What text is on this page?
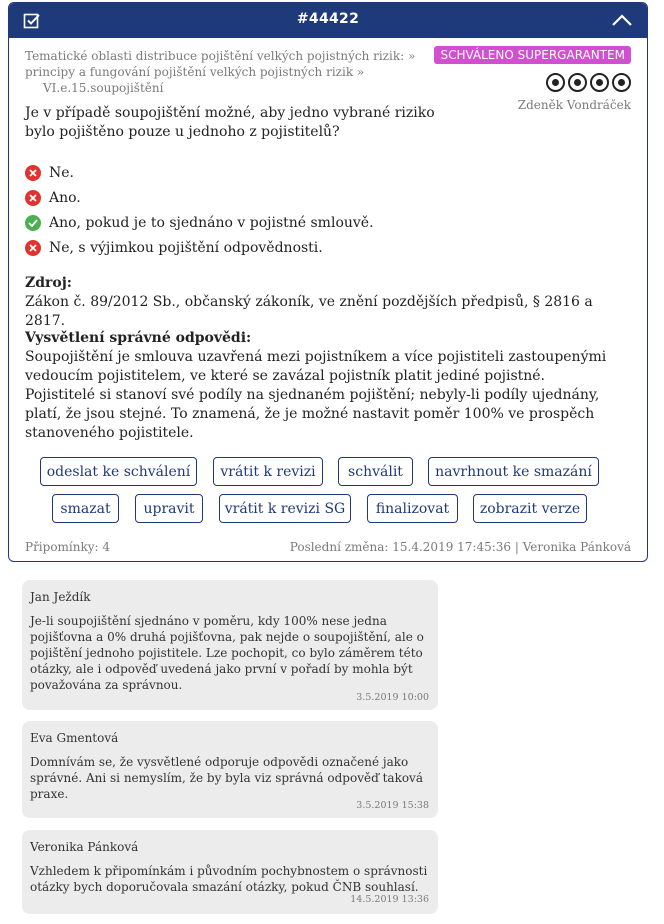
#44422
Tematické oblasti distribuce pojištění velkých pojistných rizik: »
principy a fungování pojištění velkých pojistných rizik »
VI.e.15.soupojištění
SCHVÁLENO SUPERGARANTEM
Zdeněk Vondráček
Je v případě soupojištění možné, aby jedno vybrané riziko bylo pojištěno pouze u jednoho z pojistitelů?
Ne.
Ano.
Ano, pokud je to sjednáno v pojistné smlouvě.
Ne, s výjimkou pojištění odpovědnosti.
Zdroj:
Zákon č. 89/2012 Sb., občanský zákoník, ve znění pozdějších předpisů, § 2816 a 2817.
Vysvětlení správné odpovědi:
Soupojištění je smlouva uzavřená mezi pojistníkem a více pojistiteli zastoupenými vedoucím pojistitelem, ve které se zavázal pojistník platit jediné pojistné. Pojistitelé si stanoví své podíly na sjednaném pojištění; nebyly-li podíly ujednány, platí, že jsou stejné. To znamená, že je možné nastavit poměr 100% ve prospěch stanoveného pojistitele.
odeslat ke schválení	vrátit k revizi	schválit	navrhnout ke smazání
smazat	upravit	vrátit k revizi SG	finalizovat	zobrazit verze
Připomínky: 4	Poslední změna: 15.4.2019 17:45:36 | Veronika Pánková
Jan Ježdík
Je-li soupojištění sjednáno v poměru, kdy 100% nese jedna pojišťovna a 0% druhá pojišťovna, pak nejde o soupojištění, ale o pojištění jednoho pojistitele. Lze pochopit, co bylo záměrem této otázky, ale i odpověď uvedená jako první v pořadí by mohla být považována za správnou.
3.5.2019 10:00
Eva Gmentová
Domnívám se, že vysvětlené odporuje odpovědi označené jako správné. Ani si nemyslím, že by byla viz správná odpověď taková praxe.
3.5.2019 15:38
Veronika Pánková
Vzhledem k připomínkám i původním pochybnostem o správnosti otázky bych doporučovala smazání otázky, pokud ČNB souhlasí.
14.5.2019 13:36
